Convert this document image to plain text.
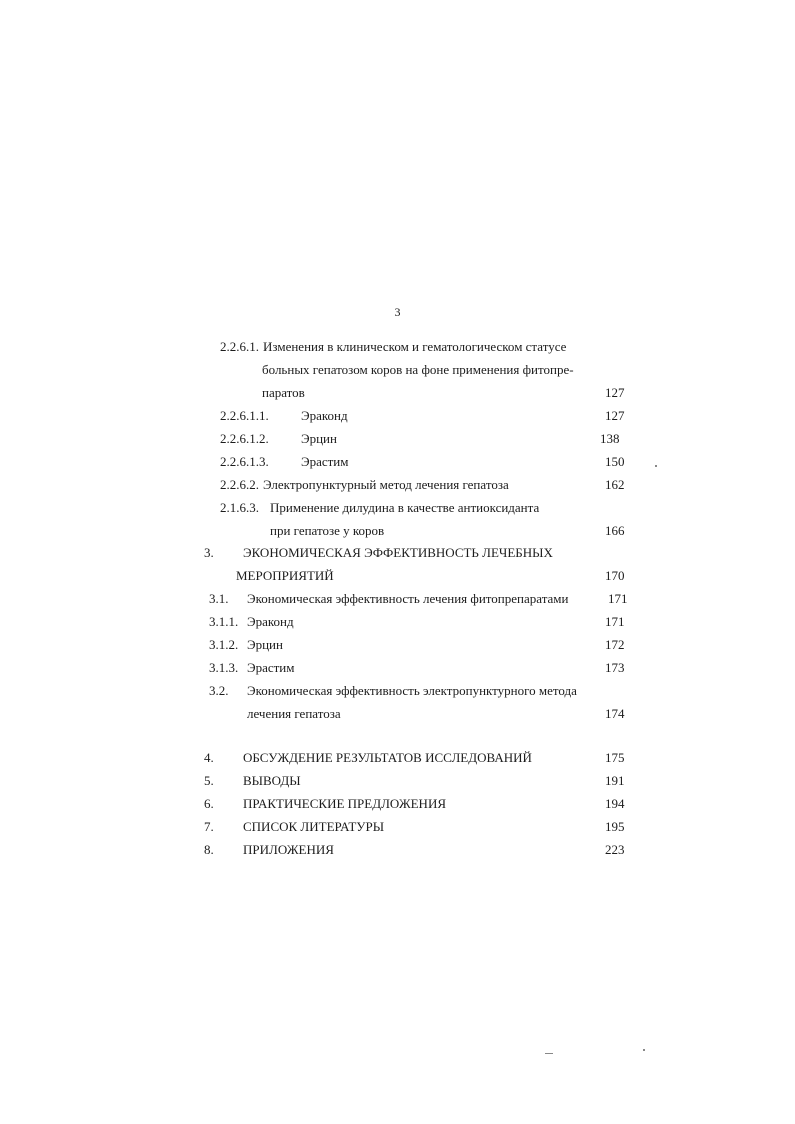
3
2.2.6.1. Изменения в клиническом и гематологическом статусе
больных гепатозом коров на фоне применения фитопре-
паратов	127
2.2.6.1.1. Эраконд	127
2.2.6.1.2. Эрцин	138
2.2.6.1.3. Эрастим	150
2.2.6.2. Электропунктурный метод лечения гепатоза	162
2.1.6.3. Применение дилудина в качестве антиоксиданта
при гепатозе у коров	166
3. ЭКОНОМИЧЕСКАЯ ЭФФЕКТИВНОСТЬ ЛЕЧЕБНЫХ
МЕРОПРИЯТИЙ	170
3.1. Экономическая эффективность лечения фитопрепаратами	171
3.1.1. Эраконд	171
3.1.2. Эрцин	172
3.1.3. Эрастим	173
3.2. Экономическая эффективность электропунктурного метода
лечения гепатоза	174
4. ОБСУЖДЕНИЕ РЕЗУЛЬТАТОВ ИССЛЕДОВАНИЙ	175
5. ВЫВОДЫ	191
6. ПРАКТИЧЕСКИЕ ПРЕДЛОЖЕНИЯ	194
7. СПИСОК ЛИТЕРАТУРЫ	195
8. ПРИЛОЖЕНИЯ	223
